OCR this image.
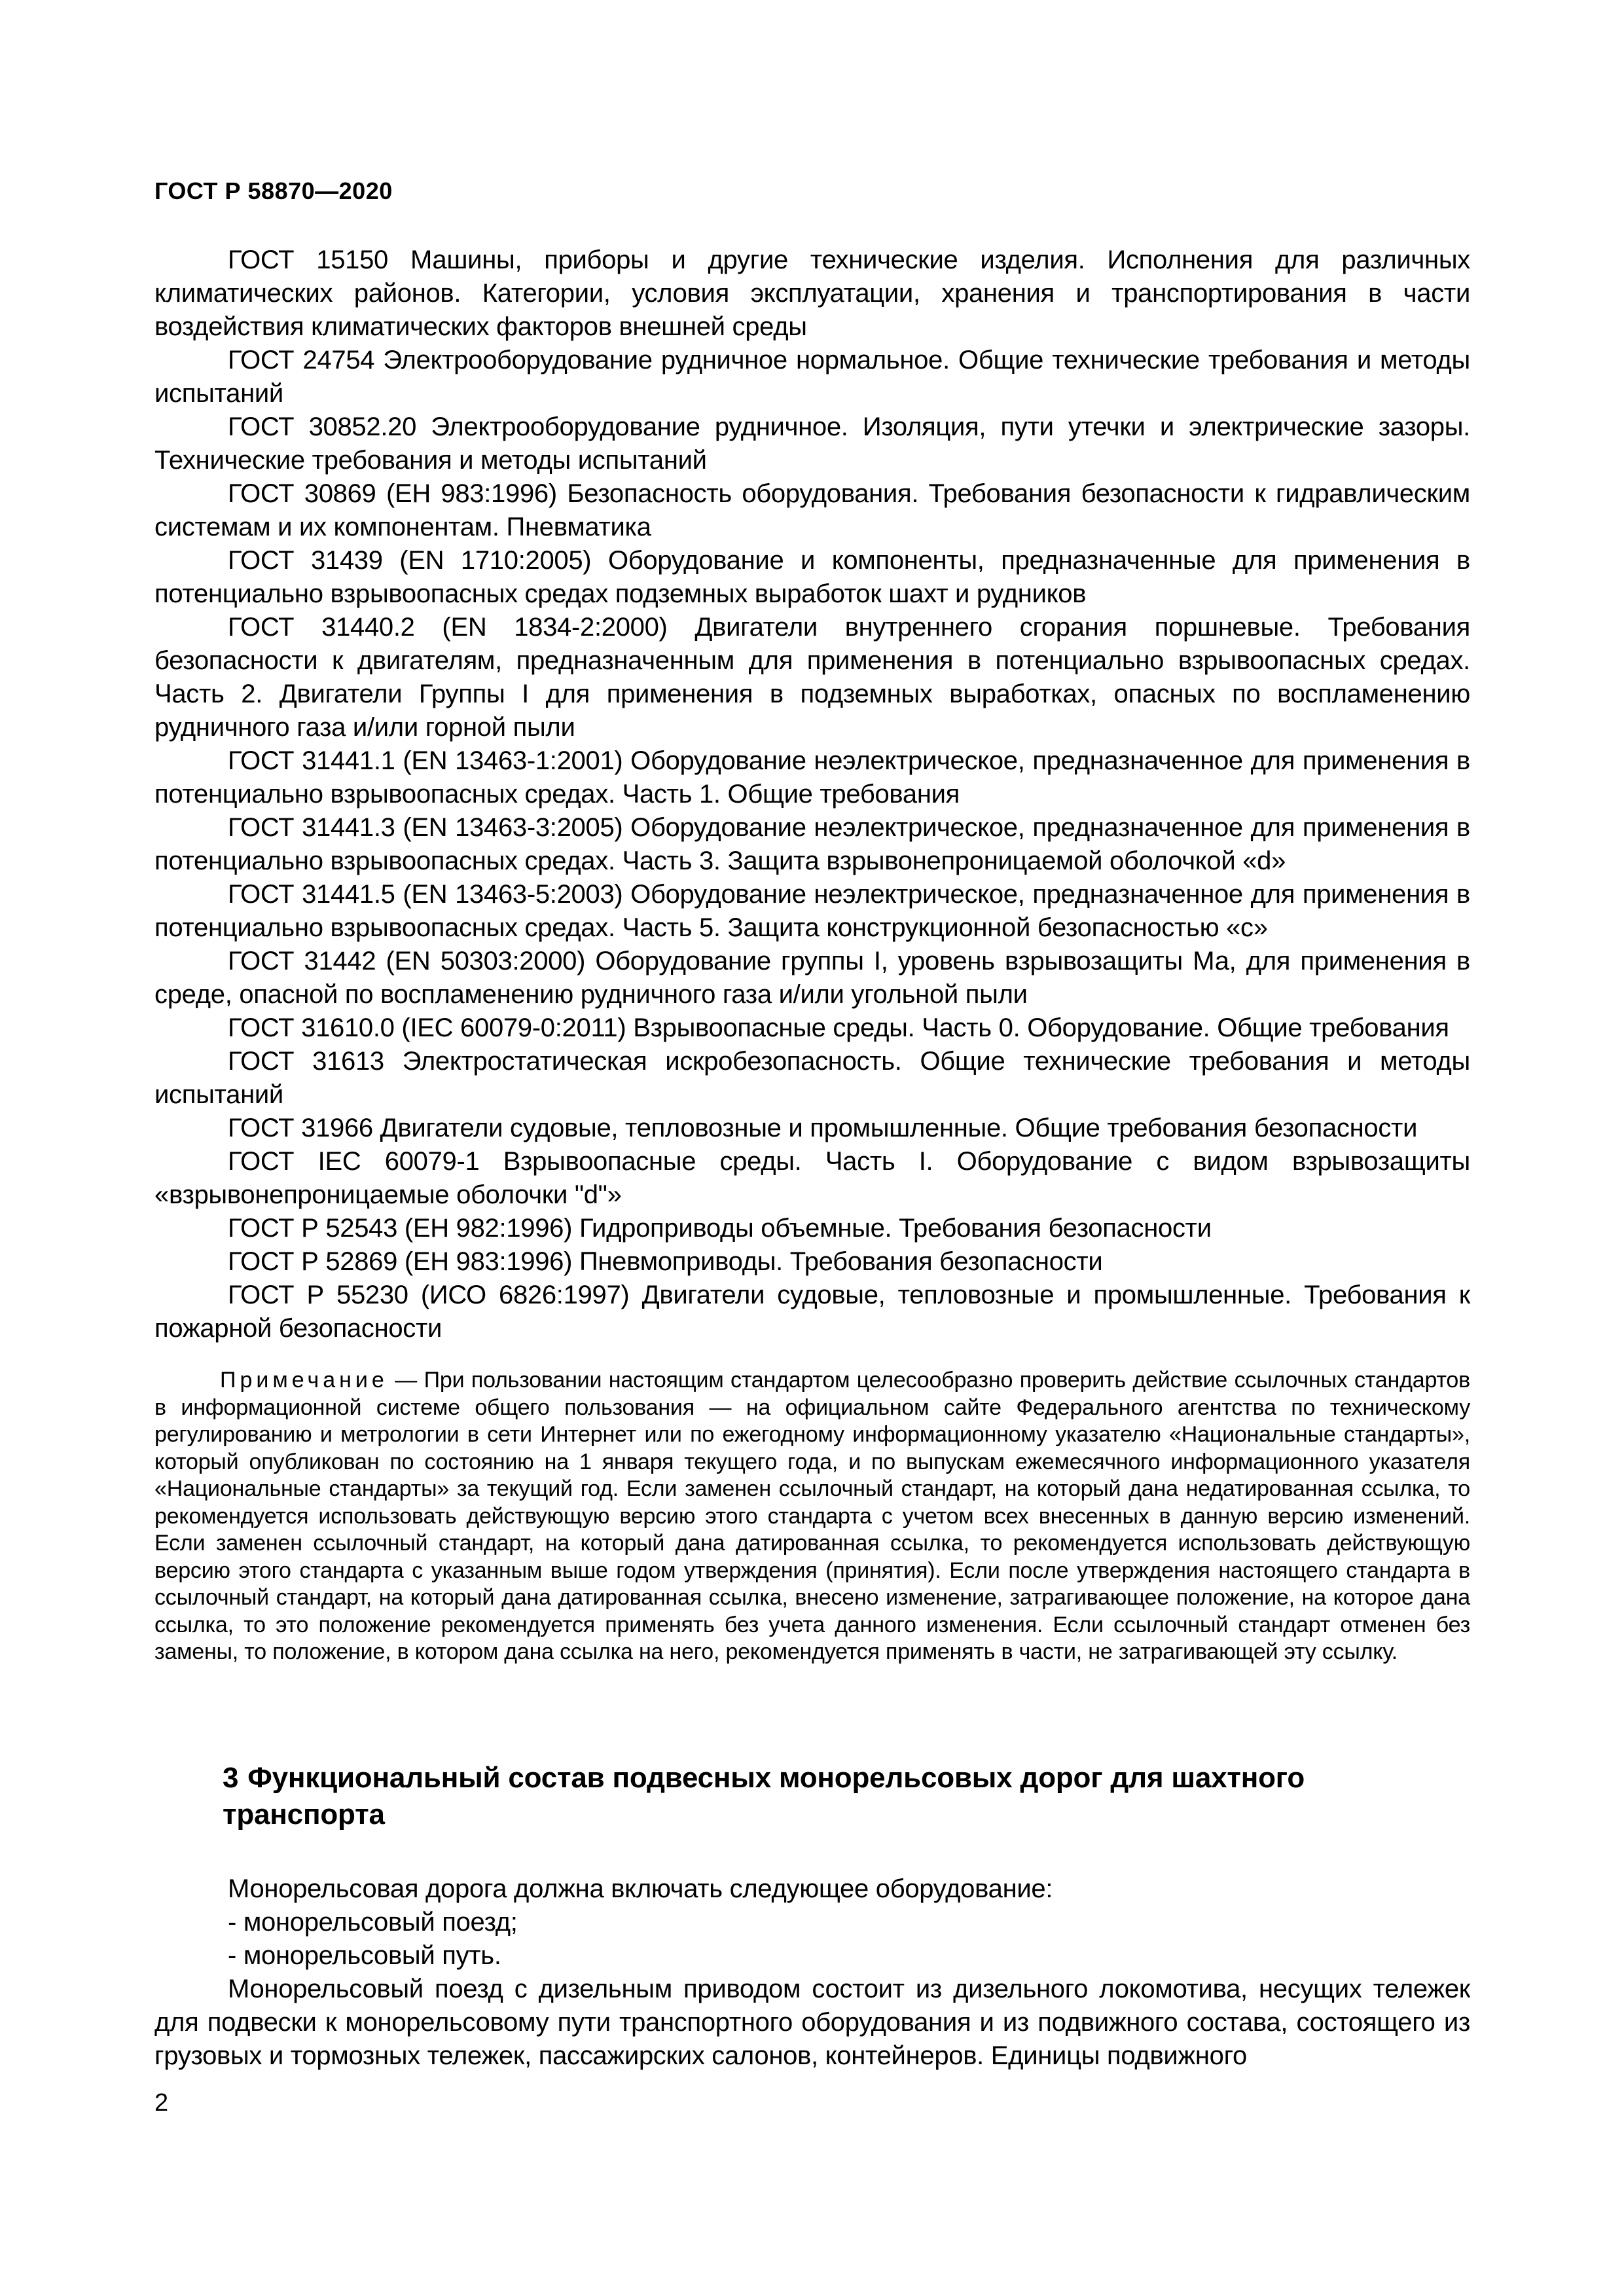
ГОСТ Р 58870—2020

ГОСТ 15150 Машины, приборы и другие технические изделия. Исполнения для различных климатических районов. Категории, условия эксплуатации, хранения и транспортирования в части воздействия климатических факторов внешней среды

ГОСТ 24754 Электрооборудование рудничное нормальное. Общие технические требования и методы испытаний

ГОСТ 30852.20 Электрооборудование рудничное. Изоляция, пути утечки и электрические зазоры. Технические требования и методы испытаний

ГОСТ 30869 (ЕН 983:1996) Безопасность оборудования. Требования безопасности к гидравлическим системам и их компонентам. Пневматика

ГОСТ 31439 (EN 1710:2005) Оборудование и компоненты, предназначенные для применения в потенциально взрывоопасных средах подземных выработок шахт и рудников

ГОСТ 31440.2 (EN 1834-2:2000) Двигатели внутреннего сгорания поршневые. Требования безопасности к двигателям, предназначенным для применения в потенциально взрывоопасных средах. Часть 2. Двигатели Группы I для применения в подземных выработках, опасных по воспламенению рудничного газа и/или горной пыли

ГОСТ 31441.1 (EN 13463-1:2001) Оборудование неэлектрическое, предназначенное для применения в потенциально взрывоопасных средах. Часть 1. Общие требования

ГОСТ 31441.3 (EN 13463-3:2005) Оборудование неэлектрическое, предназначенное для применения в потенциально взрывоопасных средах. Часть 3. Защита взрывонепроницаемой оболочкой «d»

ГОСТ 31441.5 (EN 13463-5:2003) Оборудование неэлектрическое, предназначенное для применения в потенциально взрывоопасных средах. Часть 5. Защита конструкционной безопасностью «c»

ГОСТ 31442 (EN 50303:2000) Оборудование группы I, уровень взрывозащиты Ма, для применения в среде, опасной по воспламенению рудничного газа и/или угольной пыли

ГОСТ 31610.0 (IEC 60079-0:2011) Взрывоопасные среды. Часть 0. Оборудование. Общие требования

ГОСТ 31613 Электростатическая искробезопасность. Общие технические требования и методы испытаний

ГОСТ 31966 Двигатели судовые, тепловозные и промышленные. Общие требования безопасности

ГОСТ IEC 60079-1 Взрывоопасные среды. Часть I. Оборудование с видом взрывозащиты «взрывонепроницаемые оболочки "d"»

ГОСТ Р 52543 (ЕН 982:1996) Гидроприводы объемные. Требования безопасности

ГОСТ Р 52869 (ЕН 983:1996) Пневмоприводы. Требования безопасности

ГОСТ Р 55230 (ИСО 6826:1997) Двигатели судовые, тепловозные и промышленные. Требования к пожарной безопасности

Примечание — При пользовании настоящим стандартом целесообразно проверить действие ссылочных стандартов в информационной системе общего пользования — на официальном сайте Федерального агентства по техническому регулированию и метрологии в сети Интернет или по ежегодному информационному указателю «Национальные стандарты», который опубликован по состоянию на 1 января текущего года, и по выпускам ежемесячного информационного указателя «Национальные стандарты» за текущий год. Если заменен ссылочный стандарт, на который дана недатированная ссылка, то рекомендуется использовать действующую версию этого стандарта с учетом всех внесенных в данную версию изменений. Если заменен ссылочный стандарт, на который дана датированная ссылка, то рекомендуется использовать действующую версию этого стандарта с указанным выше годом утверждения (принятия). Если после утверждения настоящего стандарта в ссылочный стандарт, на который дана датированная ссылка, внесено изменение, затрагивающее положение, на которое дана ссылка, то это положение рекомендуется применять без учета данного изменения. Если ссылочный стандарт отменен без замены, то положение, в котором дана ссылка на него, рекомендуется применять в части, не затрагивающей эту ссылку.

3 Функциональный состав подвесных монорельсовых дорог для шахтного транспорта

Монорельсовая дорога должна включать следующее оборудование:

- монорельсовый поезд;

- монорельсовый путь.

Монорельсовый поезд с дизельным приводом состоит из дизельного локомотива, несущих тележек для подвески к монорельсовому пути транспортного оборудования и из подвижного состава, состоящего из грузовых и тормозных тележек, пассажирских салонов, контейнеров. Единицы подвижного

2
